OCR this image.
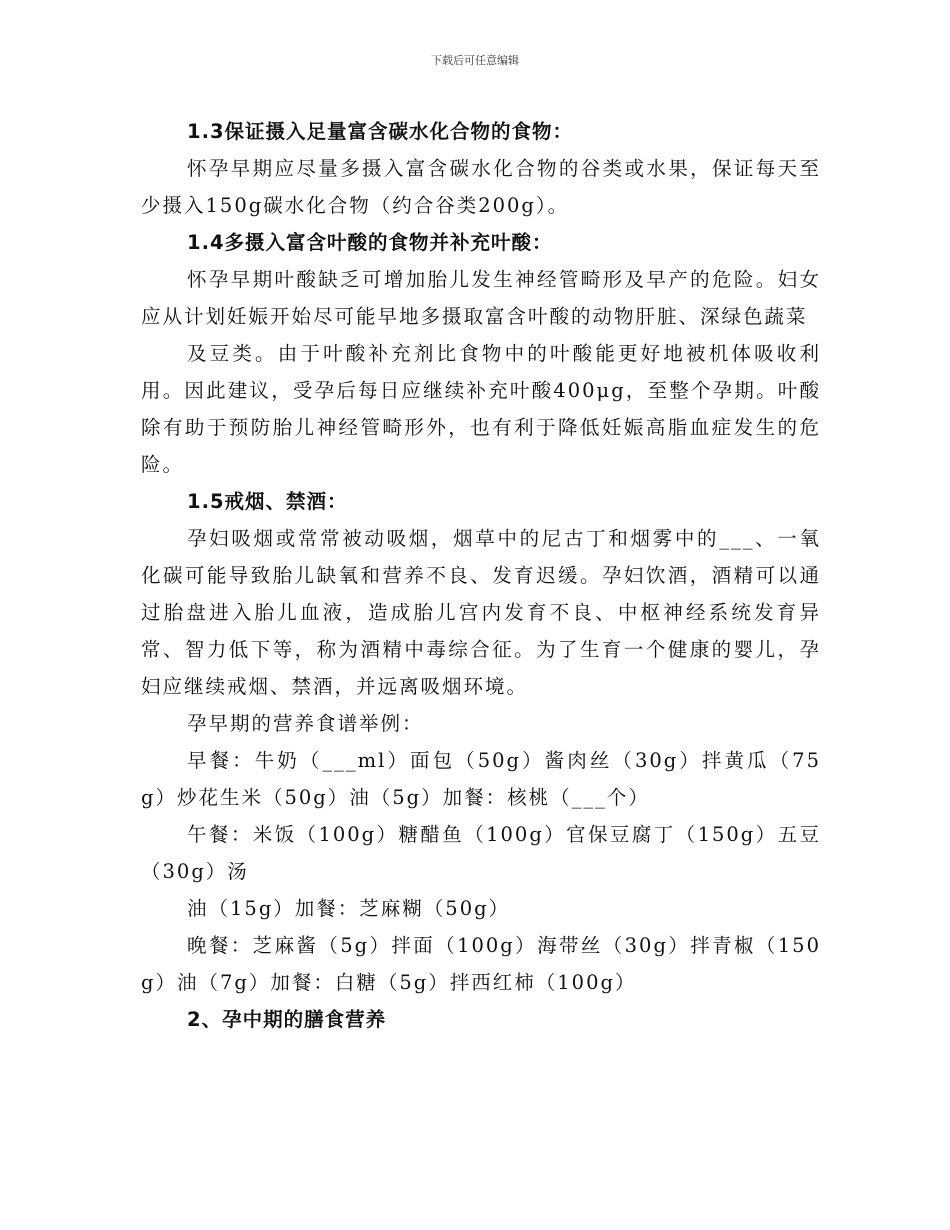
下载后可任意编辑

1.3保证摄入足量富含碳水化合物的食物：

怀孕早期应尽量多摄入富含碳水化合物的谷类或水果，保证每天至少摄入150g碳水化合物（约合谷类200g）。

1.4多摄入富含叶酸的食物并补充叶酸：

怀孕早期叶酸缺乏可增加胎儿发生神经管畸形及早产的危险。妇女应从计划妊娠开始尽可能早地多摄取富含叶酸的动物肝脏、深绿色蔬菜

及豆类。由于叶酸补充剂比食物中的叶酸能更好地被机体吸收利用。因此建议，受孕后每日应继续补充叶酸400μg，至整个孕期。叶酸除有助于预防胎儿神经管畸形外，也有利于降低妊娠高脂血症发生的危险。

1.5戒烟、禁酒：

孕妇吸烟或常常被动吸烟，烟草中的尼古丁和烟雾中的___、一氧化碳可能导致胎儿缺氧和营养不良、发育迟缓。孕妇饮酒，酒精可以通过胎盘进入胎儿血液，造成胎儿宫内发育不良、中枢神经系统发育异常、智力低下等，称为酒精中毒综合征。为了生育一个健康的婴儿，孕妇应继续戒烟、禁酒，并远离吸烟环境。

孕早期的营养食谱举例：

早餐：牛奶（___ml）面包（50g）酱肉丝（30g）拌黄瓜（75g）炒花生米（50g）油（5g）加餐：核桃（___个）

午餐：米饭（100g）糖醋鱼（100g）官保豆腐丁（150g）五豆（30g）汤

油（15g）加餐：芝麻糊（50g）

晚餐：芝麻酱（5g）拌面（100g）海带丝（30g）拌青椒（150g）油（7g）加餐：白糖（5g）拌西红柿（100g）

2、孕中期的膳食营养
